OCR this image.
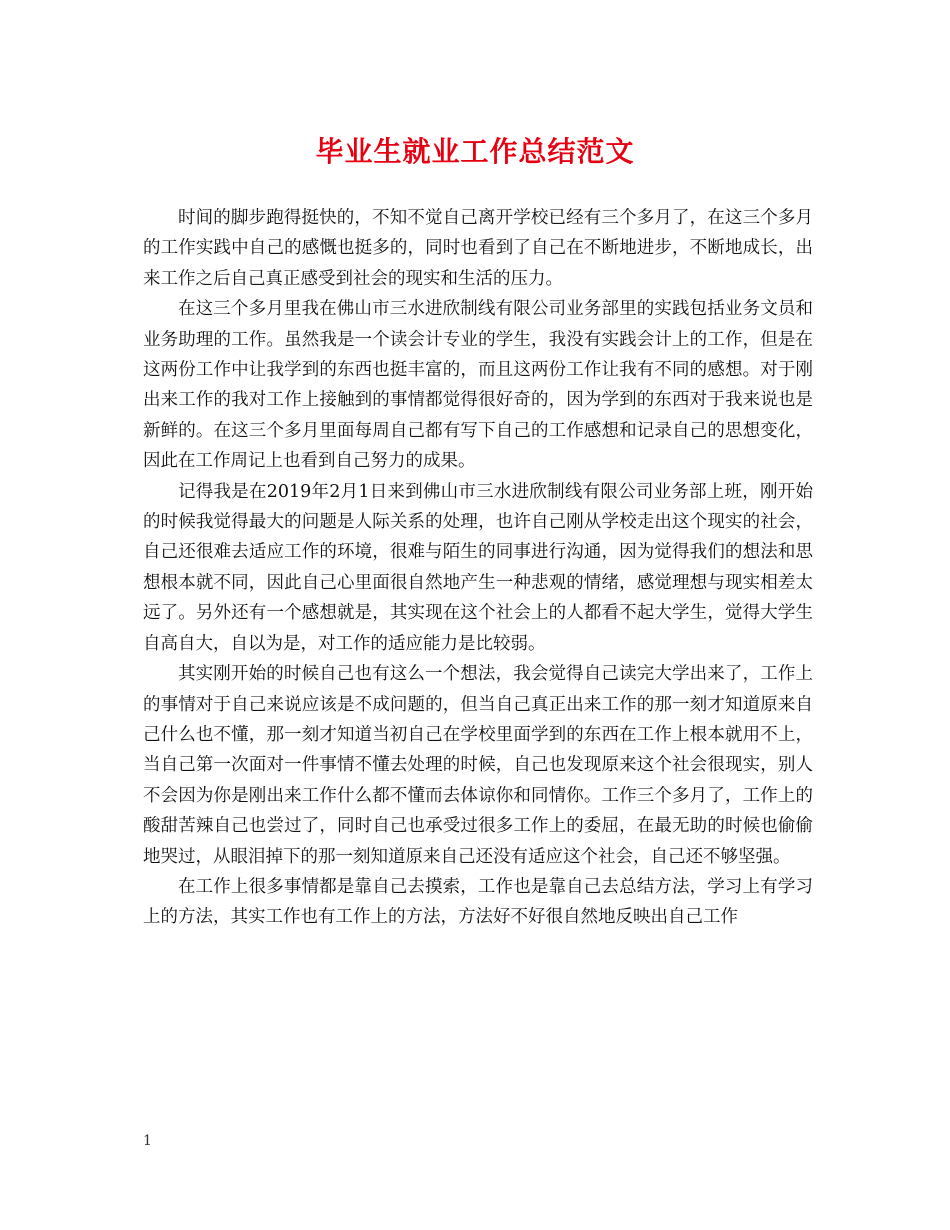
毕业生就业工作总结范文

时间的脚步跑得挺快的，不知不觉自己离开学校已经有三个多月了，在这三个多月的工作实践中自己的感慨也挺多的，同时也看到了自己在不断地进步，不断地成长，出来工作之后自己真正感受到社会的现实和生活的压力。

在这三个多月里我在佛山市三水进欣制线有限公司业务部里的实践包括业务文员和业务助理的工作。虽然我是一个读会计专业的学生，我没有实践会计上的工作，但是在这两份工作中让我学到的东西也挺丰富的，而且这两份工作让我有不同的感想。对于刚出来工作的我对工作上接触到的事情都觉得很好奇的，因为学到的东西对于我来说也是新鲜的。在这三个多月里面每周自己都有写下自己的工作感想和记录自己的思想变化，因此在工作周记上也看到自己努力的成果。

记得我是在2019年2月1日来到佛山市三水进欣制线有限公司业务部上班，刚开始的时候我觉得最大的问题是人际关系的处理，也许自己刚从学校走出这个现实的社会，自己还很难去适应工作的环境，很难与陌生的同事进行沟通，因为觉得我们的想法和思想根本就不同，因此自己心里面很自然地产生一种悲观的情绪，感觉理想与现实相差太远了。另外还有一个感想就是，其实现在这个社会上的人都看不起大学生，觉得大学生自高自大，自以为是，对工作的适应能力是比较弱。

其实刚开始的时候自己也有这么一个想法，我会觉得自己读完大学出来了，工作上的事情对于自己来说应该是不成问题的，但当自己真正出来工作的那一刻才知道原来自己什么也不懂，那一刻才知道当初自己在学校里面学到的东西在工作上根本就用不上，当自己第一次面对一件事情不懂去处理的时候，自己也发现原来这个社会很现实，别人不会因为你是刚出来工作什么都不懂而去体谅你和同情你。工作三个多月了，工作上的酸甜苦辣自己也尝过了，同时自己也承受过很多工作上的委屈，在最无助的时候也偷偷地哭过，从眼泪掉下的那一刻知道原来自己还没有适应这个社会，自己还不够坚强。

在工作上很多事情都是靠自己去摸索，工作也是靠自己去总结方法，学习上有学习上的方法，其实工作也有工作上的方法，方法好不好很自然地反映出自己工作

1
